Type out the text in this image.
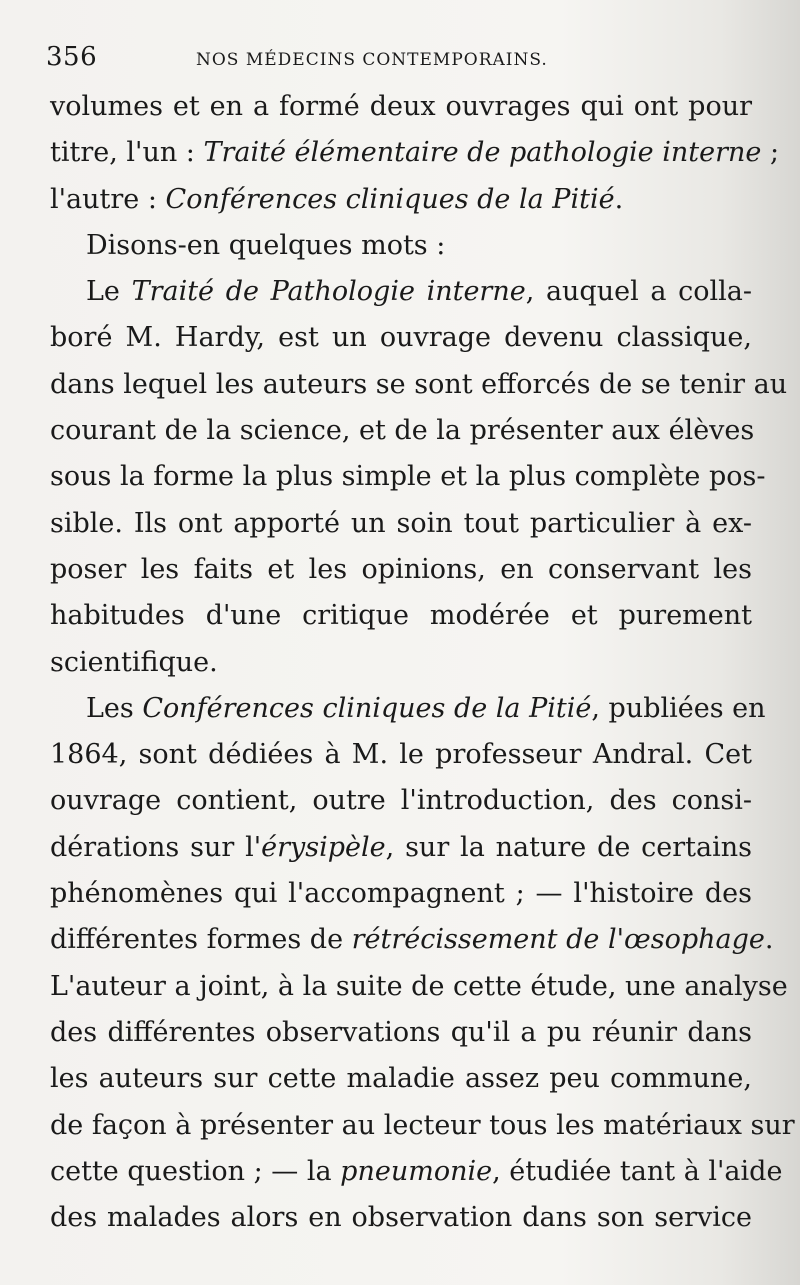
356	NOS MÉDECINS CONTEMPORAINS.
volumes et en a formé deux ouvrages qui ont pour
titre, l'un : Traité élémentaire de pathologie interne ;
l'autre : Conférences cliniques de la Pitié.
Disons-en quelques mots :
Le Traité de Pathologie interne, auquel a colla-
boré M. Hardy, est un ouvrage devenu classique,
dans lequel les auteurs se sont efforcés de se tenir au
courant de la science, et de la présenter aux élèves
sous la forme la plus simple et la plus complète pos-
sible. Ils ont apporté un soin tout particulier à ex-
poser les faits et les opinions, en conservant les
habitudes d'une critique modérée et purement
scientifique.
Les Conférences cliniques de la Pitié, publiées en
1864, sont dédiées à M. le professeur Andral. Cet
ouvrage contient, outre l'introduction, des consi-
dérations sur l'érysipèle, sur la nature de certains
phénomènes qui l'accompagnent ; — l'histoire des
différentes formes de rétrécissement de l'œsophage.
L'auteur a joint, à la suite de cette étude, une analyse
des différentes observations qu'il a pu réunir dans
les auteurs sur cette maladie assez peu commune,
de façon à présenter au lecteur tous les matériaux sur
cette question ; — la pneumonie, étudiée tant à l'aide
des malades alors en observation dans son service
